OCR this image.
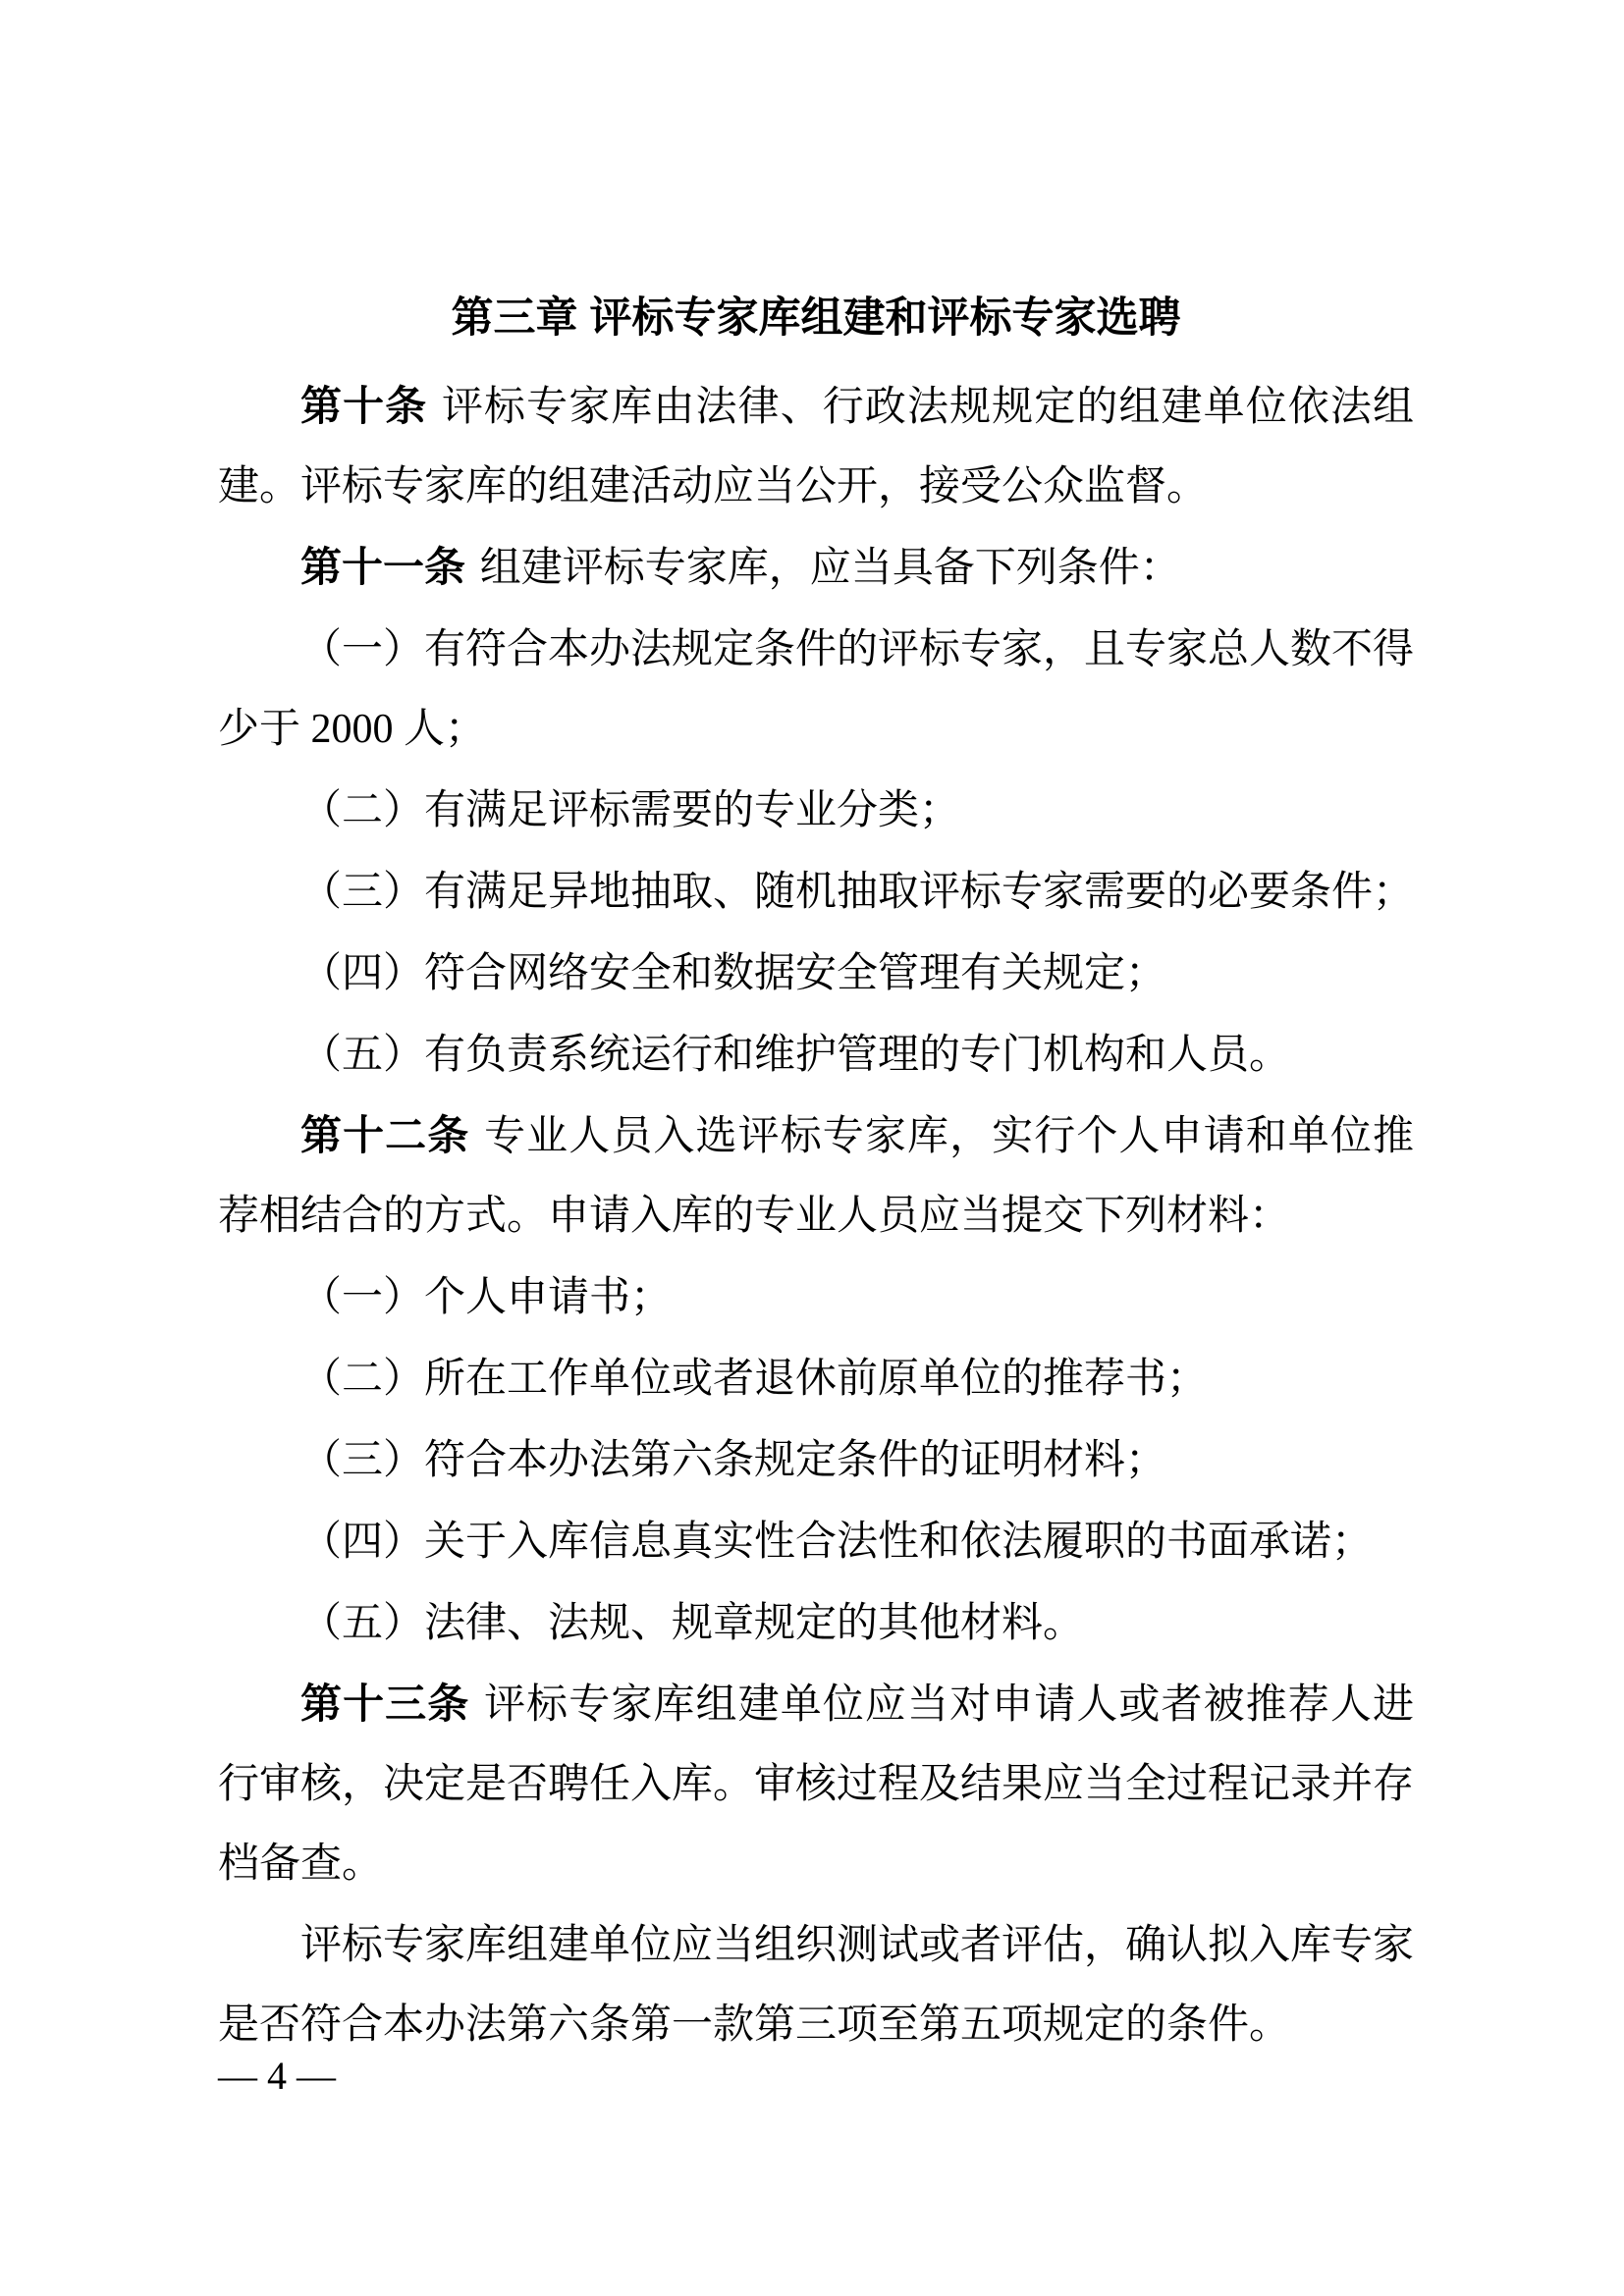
第三章 评标专家库组建和评标专家选聘

第十条 评标专家库由法律、行政法规规定的组建单位依法组建。评标专家库的组建活动应当公开，接受公众监督。

第十一条 组建评标专家库，应当具备下列条件：

（一）有符合本办法规定条件的评标专家，且专家总人数不得少于 2000 人；

（二）有满足评标需要的专业分类；

（三）有满足异地抽取、随机抽取评标专家需要的必要条件；

（四）符合网络安全和数据安全管理有关规定；

（五）有负责系统运行和维护管理的专门机构和人员。

第十二条 专业人员入选评标专家库，实行个人申请和单位推荐相结合的方式。申请入库的专业人员应当提交下列材料：

（一）个人申请书；

（二）所在工作单位或者退休前原单位的推荐书；

（三）符合本办法第六条规定条件的证明材料；

（四）关于入库信息真实性合法性和依法履职的书面承诺；

（五）法律、法规、规章规定的其他材料。

第十三条 评标专家库组建单位应当对申请人或者被推荐人进行审核，决定是否聘任入库。审核过程及结果应当全过程记录并存档备查。

评标专家库组建单位应当组织测试或者评估，确认拟入库专家是否符合本办法第六条第一款第三项至第五项规定的条件。

— 4 —
